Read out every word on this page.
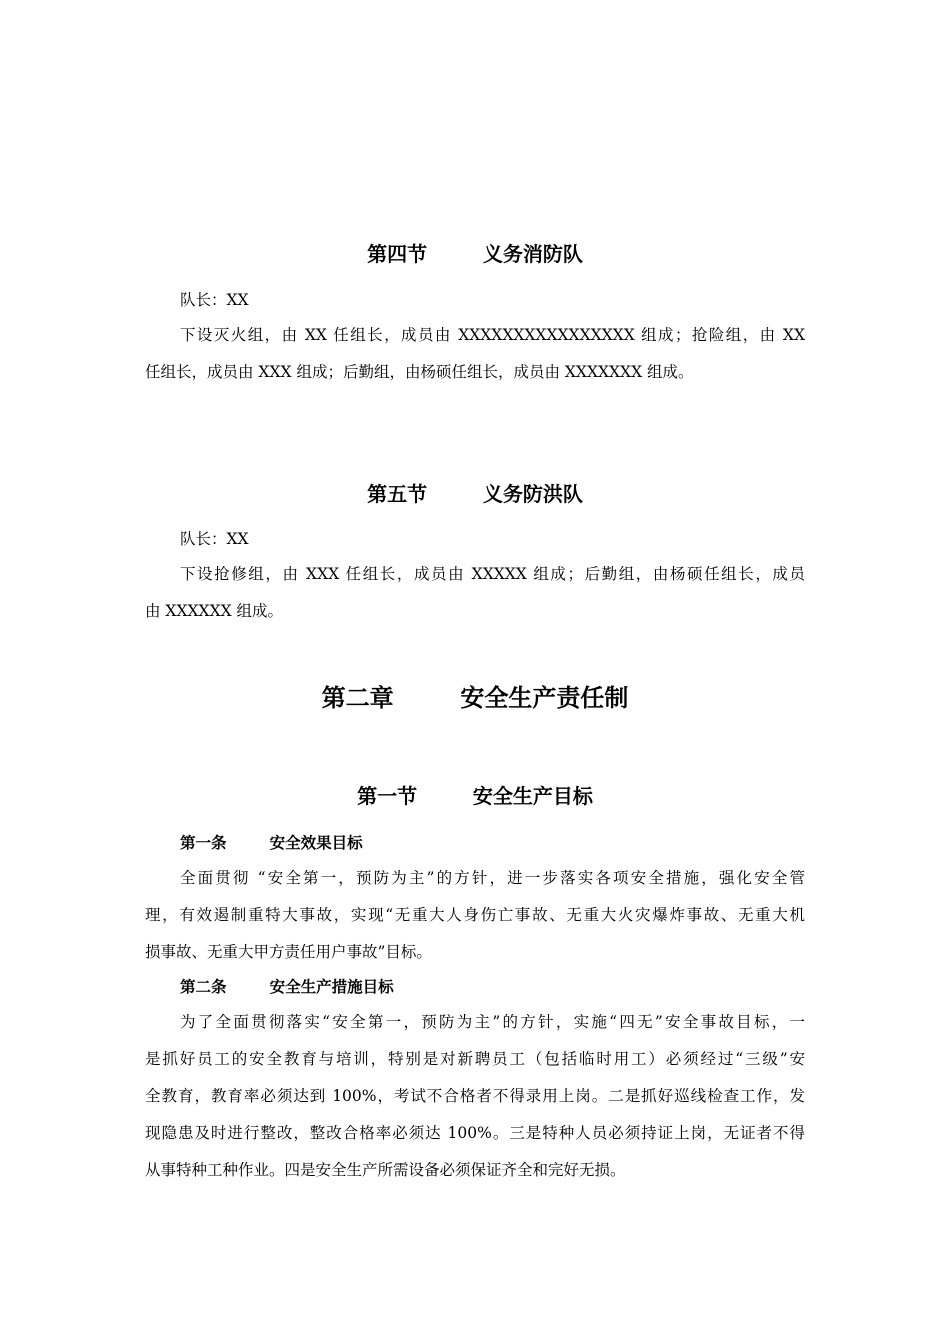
第四节        义务消防队
队长：XX
下设灭火组，由 XX 任组长，成员由 XXXXXXXXXXXXXXXX 组成；抢险组，由 XX
任组长，成员由 XXX 组成；后勤组，由杨硕任组长，成员由 XXXXXXX 组成。
第五节        义务防洪队
队长：XX
下设抢修组，由 XXX 任组长，成员由 XXXXX 组成；后勤组，由杨硕任组长，成员
由 XXXXXX 组成。
第二章        安全生产责任制
第一节        安全生产目标
第一条        安全效果目标
全面贯彻 “安全第一，预防为主”的方针，进一步落实各项安全措施，强化安全管
理，有效遏制重特大事故，实现“无重大人身伤亡事故、无重大火灾爆炸事故、无重大机
损事故、无重大甲方责任用户事故”目标。
第二条        安全生产措施目标
为了全面贯彻落实“安全第一，预防为主”的方针，实施“四无”安全事故目标，一
是抓好员工的安全教育与培训，特别是对新聘员工（包括临时用工）必须经过“三级”安
全教育，教育率必须达到 100%，考试不合格者不得录用上岗。二是抓好巡线检查工作，发
现隐患及时进行整改，整改合格率必须达 100%。三是特种人员必须持证上岗，无证者不得
从事特种工种作业。四是安全生产所需设备必须保证齐全和完好无损。
